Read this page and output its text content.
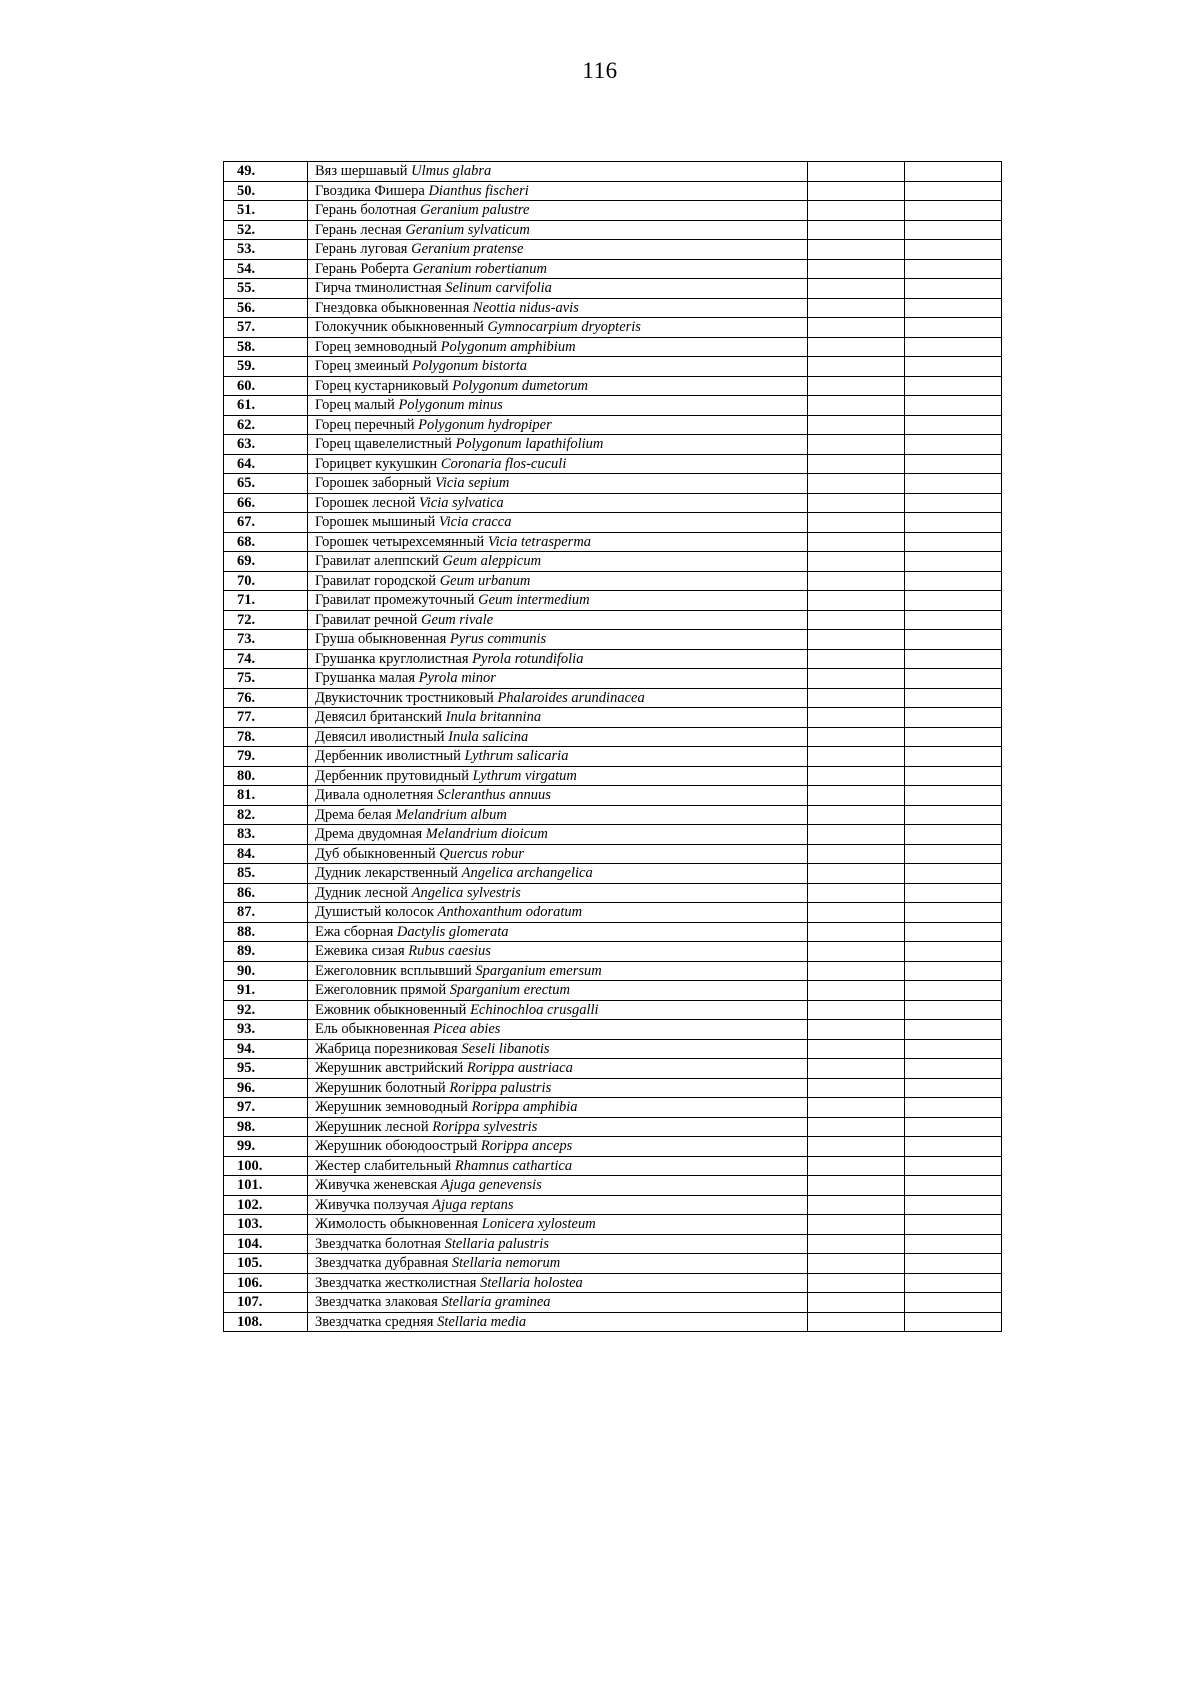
116
49.	Вяз шершавый Ulmus glabra		
50.	Гвоздика Фишера Dianthus fischeri		
51.	Герань болотная Geranium palustre		
52.	Герань лесная Geranium sylvaticum		
53.	Герань луговая Geranium pratense		
54.	Герань Роберта Geranium robertianum		
55.	Гирча тминолистная Selinum carvifolia		
56.	Гнездовка обыкновенная Neottia nidus-avis		
57.	Голокучник обыкновенный Gymnocarpium dryopteris		
58.	Горец земноводный Polygonum amphibium		
59.	Горец змеиный Polygonum bistorta		
60.	Горец кустарниковый Polygonum dumetorum		
61.	Горец малый Polygonum minus		
62.	Горец перечный Polygonum hydropiper		
63.	Горец щавелелистный Polygonum lapathifolium		
64.	Горицвет кукушкин Coronaria flos-cuculi		
65.	Горошек заборный Vicia sepium		
66.	Горошек лесной Vicia sylvatica		
67.	Горошек мышиный Vicia cracca		
68.	Горошек четырехсемянный Vicia tetrasperma		
69.	Гравилат алеппский Geum aleppicum		
70.	Гравилат городской Geum urbanum		
71.	Гравилат промежуточный Geum intermedium		
72.	Гравилат речной Geum rivale		
73.	Груша обыкновенная Pyrus communis		
74.	Грушанка круглолистная Pyrola rotundifolia		
75.	Грушанка малая Pyrola minor		
76.	Двукисточник тростниковый Phalaroides arundinacea		
77.	Девясил британский Inula britannina		
78.	Девясил иволистный Inula salicina		
79.	Дербенник иволистный Lythrum salicaria		
80.	Дербенник прутовидный Lythrum virgatum		
81.	Дивала однолетняя Scleranthus annuus		
82.	Дрема белая Melandrium album		
83.	Дрема двудомная Melandrium dioicum		
84.	Дуб обыкновенный Quercus robur		
85.	Дудник лекарственный Angelica archangelica		
86.	Дудник лесной Angelica sylvestris		
87.	Душистый колосок Anthoxanthum odoratum		
88.	Ежа сборная Dactylis glomerata		
89.	Ежевика сизая Rubus caesius		
90.	Ежеголовник всплывший Sparganium emersum		
91.	Ежеголовник прямой Sparganium erectum		
92.	Ежовник обыкновенный Echinochloa crusgalli		
93.	Ель обыкновенная Picea abies		
94.	Жабрица порезниковая Seseli libanotis		
95.	Жерушник австрийский Rorippa austriaca		
96.	Жерушник болотный Rorippa palustris		
97.	Жерушник земноводный Rorippa amphibia		
98.	Жерушник лесной Rorippa sylvestris		
99.	Жерушник обоюдоострый Rorippa anceps		
100.	Жестер слабительный Rhamnus cathartica		
101.	Живучка женевская Ajuga genevensis		
102.	Живучка ползучая Ajuga reptans		
103.	Жимолость обыкновенная Lonicera xylosteum		
104.	Звездчатка болотная Stellaria palustris		
105.	Звездчатка дубравная Stellaria nemorum		
106.	Звездчатка жестколистная Stellaria holostea		
107.	Звездчатка злаковая Stellaria graminea		
108.	Звездчатка средняя Stellaria media		
